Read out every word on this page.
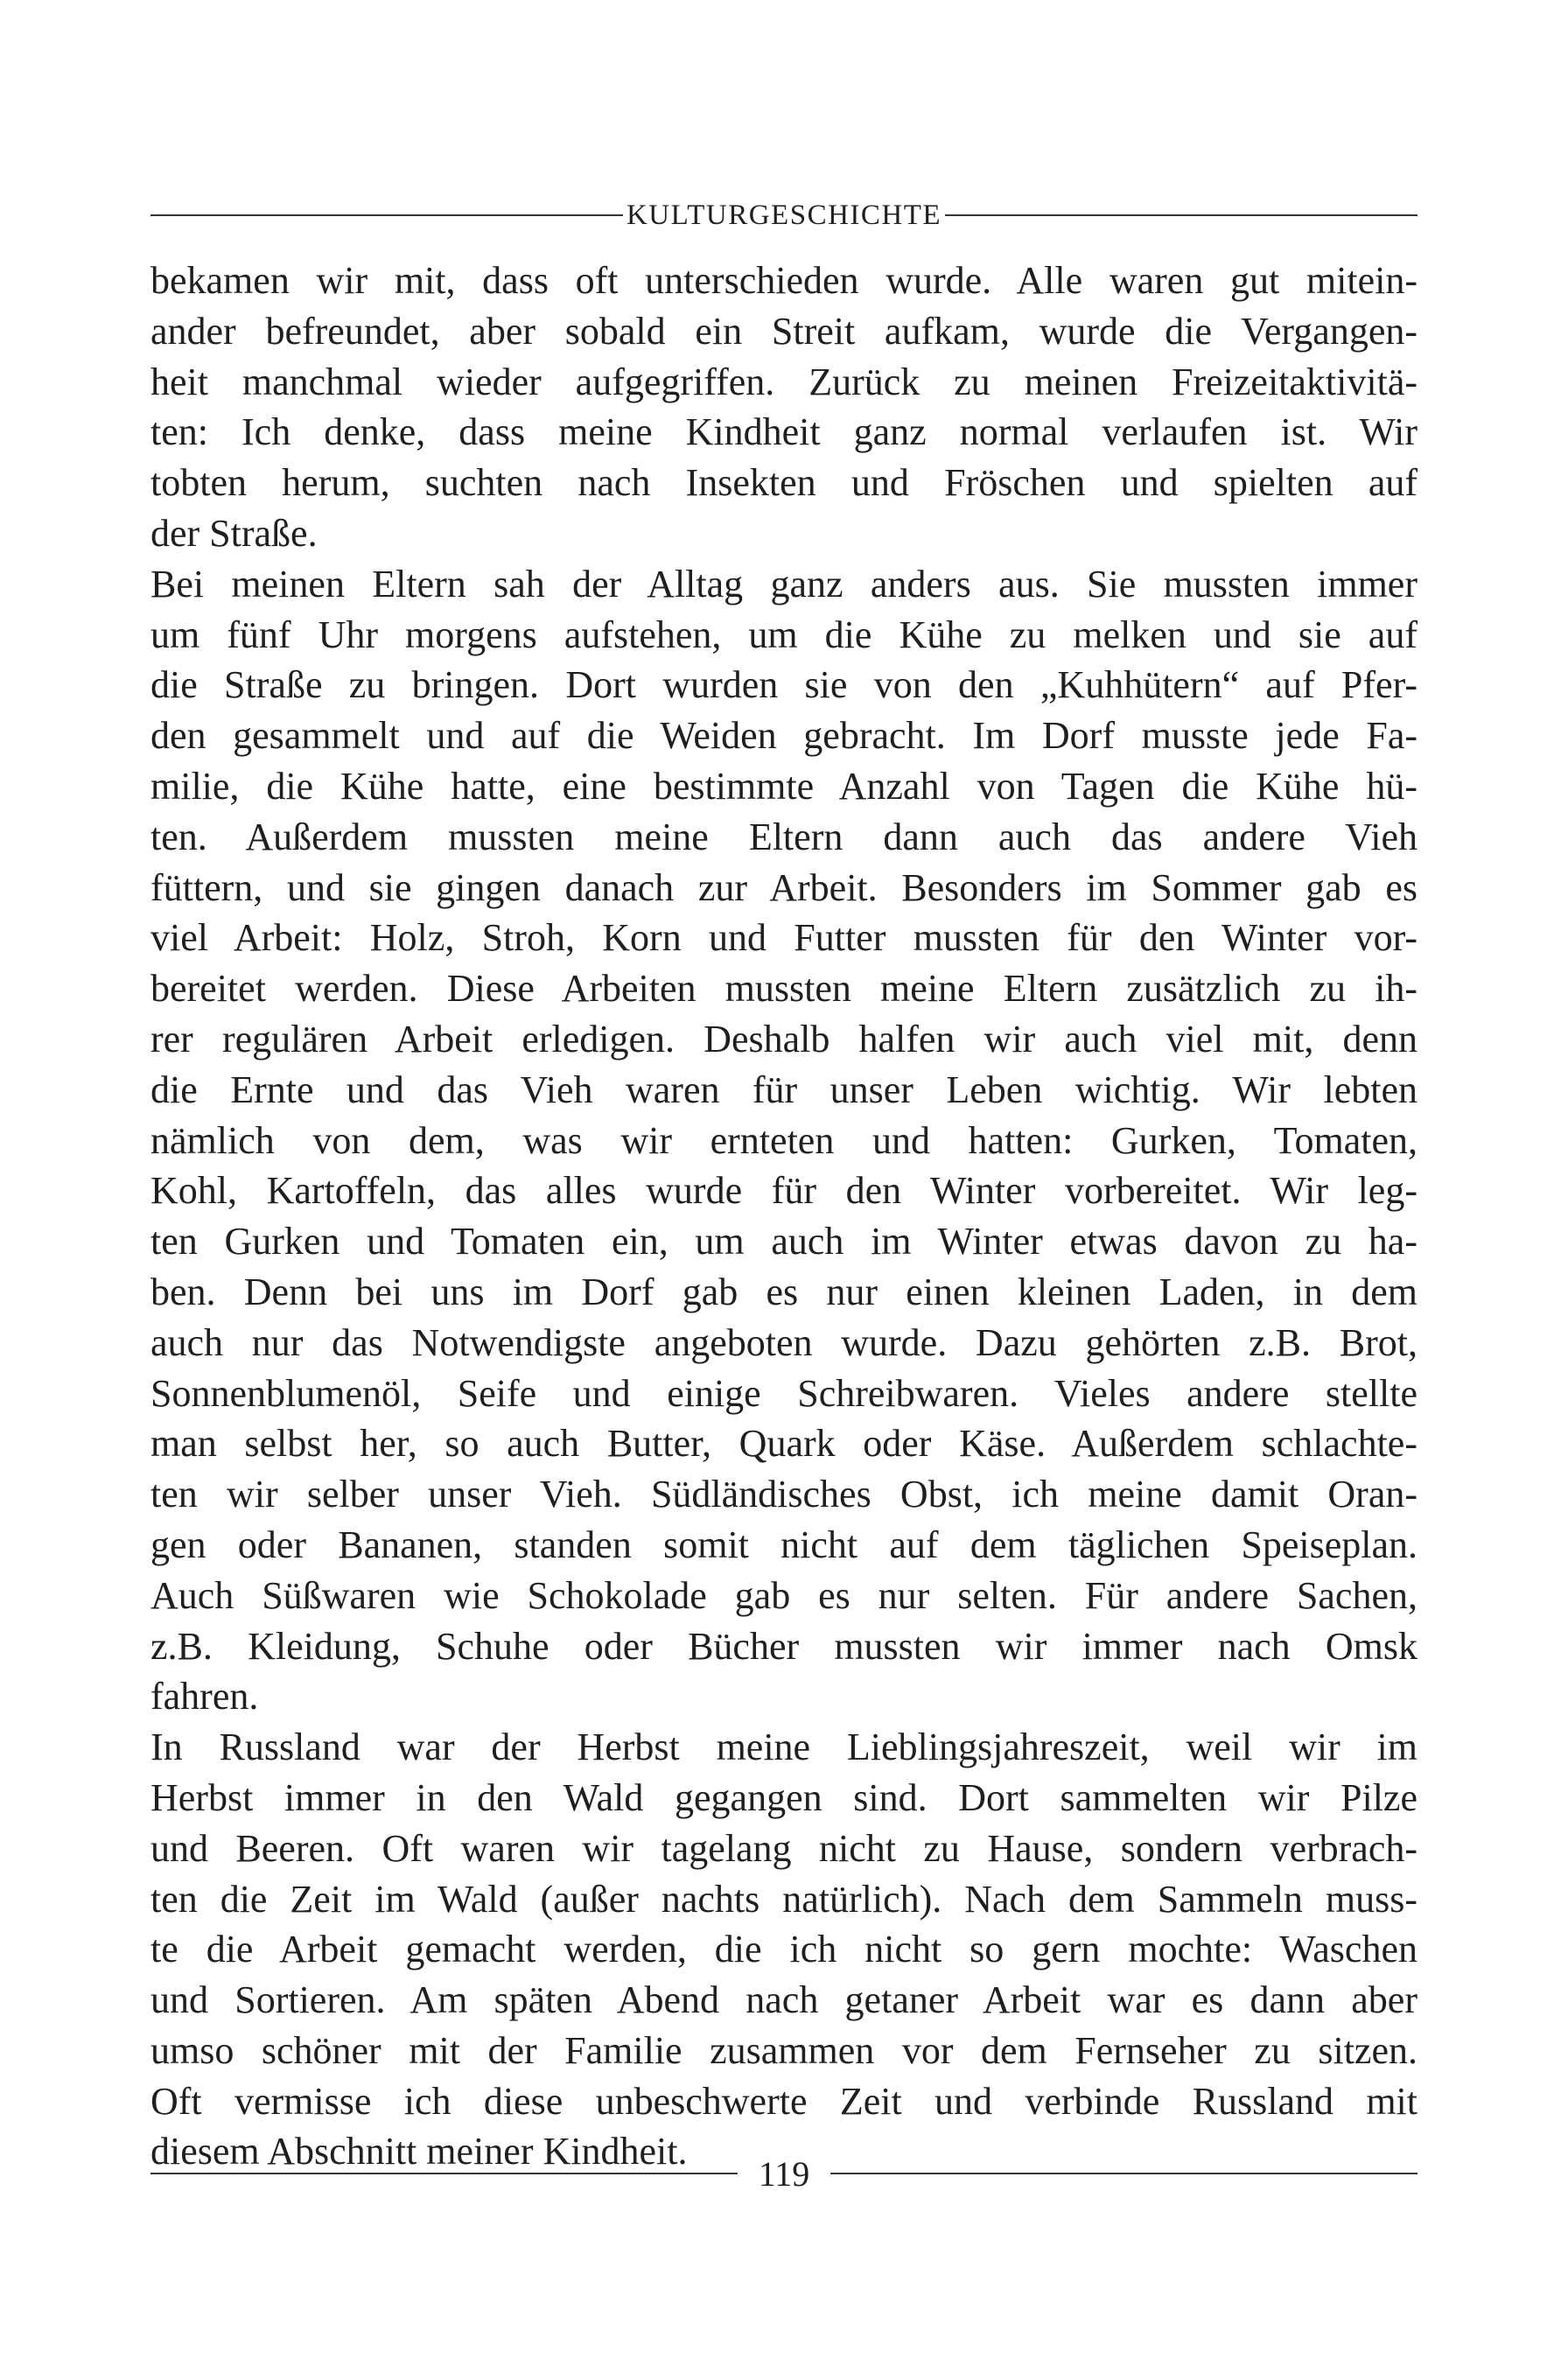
KULTURGESCHICHTE
bekamen wir mit, dass oft unterschieden wurde. Alle waren gut mitein-
ander befreundet, aber sobald ein Streit aufkam, wurde die Vergangen-
heit manchmal wieder aufgegriffen. Zurück zu meinen Freizeitaktivitä-
ten: Ich denke, dass meine Kindheit ganz normal verlaufen ist. Wir
tobten herum, suchten nach Insekten und Fröschen und spielten auf
der Straße.
Bei meinen Eltern sah der Alltag ganz anders aus. Sie mussten immer
um fünf Uhr morgens aufstehen, um die Kühe zu melken und sie auf
die Straße zu bringen. Dort wurden sie von den „Kuhhütern“ auf Pfer-
den gesammelt und auf die Weiden gebracht. Im Dorf musste jede Fa-
milie, die Kühe hatte, eine bestimmte Anzahl von Tagen die Kühe hü-
ten. Außerdem mussten meine Eltern dann auch das andere Vieh
füttern, und sie gingen danach zur Arbeit. Besonders im Sommer gab es
viel Arbeit: Holz, Stroh, Korn und Futter mussten für den Winter vor-
bereitet werden. Diese Arbeiten mussten meine Eltern zusätzlich zu ih-
rer regulären Arbeit erledigen. Deshalb halfen wir auch viel mit, denn
die Ernte und das Vieh waren für unser Leben wichtig. Wir lebten
nämlich von dem, was wir ernteten und hatten: Gurken, Tomaten,
Kohl, Kartoffeln, das alles wurde für den Winter vorbereitet. Wir leg-
ten Gurken und Tomaten ein, um auch im Winter etwas davon zu ha-
ben. Denn bei uns im Dorf gab es nur einen kleinen Laden, in dem
auch nur das Notwendigste angeboten wurde. Dazu gehörten z.B. Brot,
Sonnenblumenöl, Seife und einige Schreibwaren. Vieles andere stellte
man selbst her, so auch Butter, Quark oder Käse. Außerdem schlachte-
ten wir selber unser Vieh. Südländisches Obst, ich meine damit Oran-
gen oder Bananen, standen somit nicht auf dem täglichen Speiseplan.
Auch Süßwaren wie Schokolade gab es nur selten. Für andere Sachen,
z.B. Kleidung, Schuhe oder Bücher mussten wir immer nach Omsk
fahren.
In Russland war der Herbst meine Lieblingsjahreszeit, weil wir im
Herbst immer in den Wald gegangen sind. Dort sammelten wir Pilze
und Beeren. Oft waren wir tagelang nicht zu Hause, sondern verbrach-
ten die Zeit im Wald (außer nachts natürlich). Nach dem Sammeln muss-
te die Arbeit gemacht werden, die ich nicht so gern mochte: Waschen
und Sortieren. Am späten Abend nach getaner Arbeit war es dann aber
umso schöner mit der Familie zusammen vor dem Fernseher zu sitzen.
Oft vermisse ich diese unbeschwerte Zeit und verbinde Russland mit
diesem Abschnitt meiner Kindheit.
119
